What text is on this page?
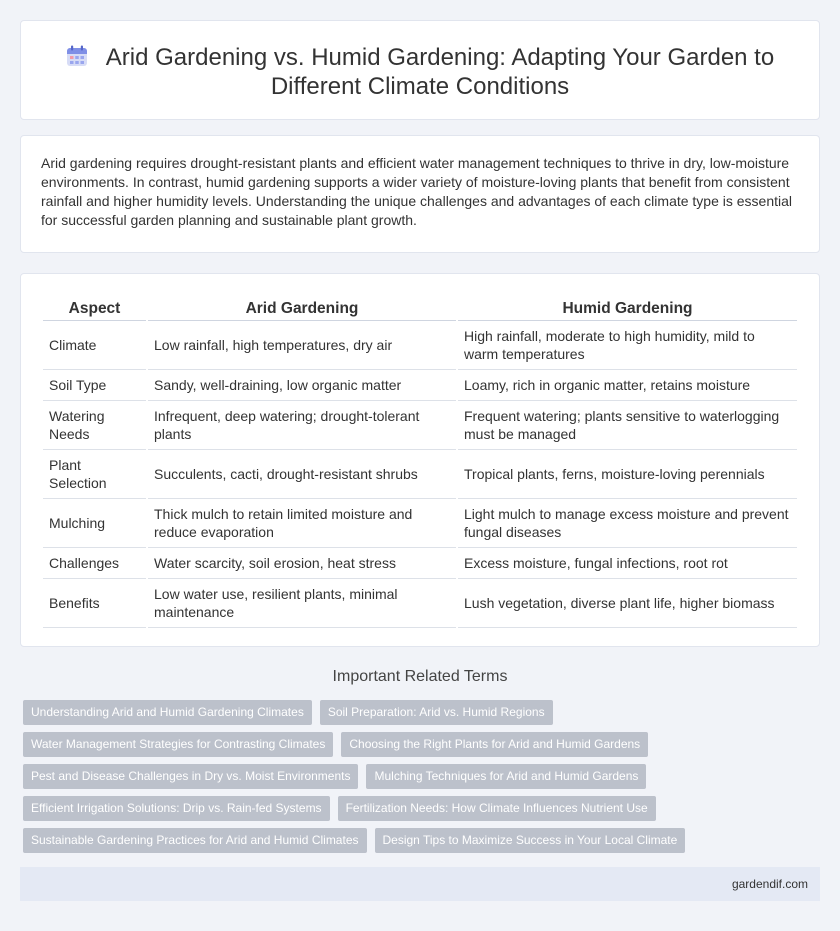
Arid Gardening vs. Humid Gardening: Adapting Your Garden to Different Climate Conditions

Arid gardening requires drought-resistant plants and efficient water management techniques to thrive in dry, low-moisture environments. In contrast, humid gardening supports a wider variety of moisture-loving plants that benefit from consistent rainfall and higher humidity levels. Understanding the unique challenges and advantages of each climate type is essential for successful garden planning and sustainable plant growth.

Aspect	Arid Gardening	Humid Gardening
Climate	Low rainfall, high temperatures, dry air	High rainfall, moderate to high humidity, mild to warm temperatures
Soil Type	Sandy, well-draining, low organic matter	Loamy, rich in organic matter, retains moisture
Watering Needs	Infrequent, deep watering; drought-tolerant plants	Frequent watering; plants sensitive to waterlogging must be managed
Plant Selection	Succulents, cacti, drought-resistant shrubs	Tropical plants, ferns, moisture-loving perennials
Mulching	Thick mulch to retain limited moisture and reduce evaporation	Light mulch to manage excess moisture and prevent fungal diseases
Challenges	Water scarcity, soil erosion, heat stress	Excess moisture, fungal infections, root rot
Benefits	Low water use, resilient plants, minimal maintenance	Lush vegetation, diverse plant life, higher biomass
Important Related Terms
Understanding Arid and Humid Gardening Climates	Soil Preparation: Arid vs. Humid Regions
Water Management Strategies for Contrasting Climates	Choosing the Right Plants for Arid and Humid Gardens
Pest and Disease Challenges in Dry vs. Moist Environments	Mulching Techniques for Arid and Humid Gardens
Efficient Irrigation Solutions: Drip vs. Rain-fed Systems	Fertilization Needs: How Climate Influences Nutrient Use
Sustainable Gardening Practices for Arid and Humid Climates	Design Tips to Maximize Success in Your Local Climate
gardendif.com
